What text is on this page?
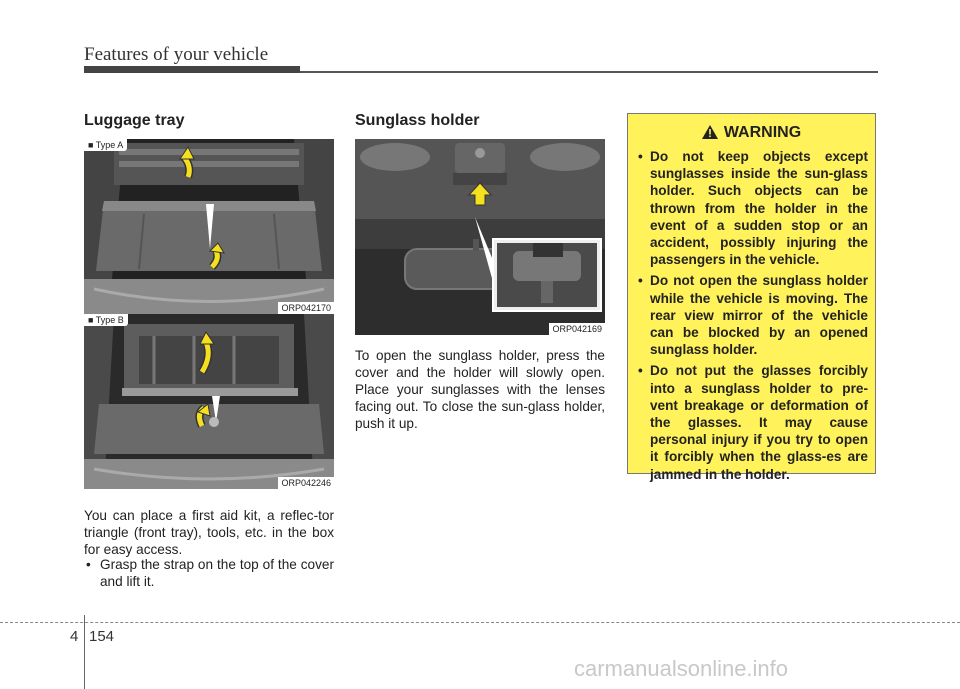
Features of your vehicle
Luggage tray
■ Type A
ORP042170
■ Type B
ORP042246
You can place a first aid kit, a reflec-tor triangle (front tray), tools, etc. in the box for easy access.
• Grasp the strap on the top of the cover and lift it.
Sunglass holder
ORP042169
To open the sunglass holder, press the cover and the holder will slowly open. Place your sunglasses with the lenses facing out. To close the sun-glass holder, push it up.
WARNING
• Do not keep objects except sunglasses inside the sun-glass holder. Such objects can be thrown from the holder in the event of a sudden stop or an accident, possibly injuring the passengers in the vehicle.
• Do not open the sunglass holder while the vehicle is moving. The rear view mirror of the vehicle can be blocked by an opened sunglass holder.
• Do not put the glasses forcibly into a sunglass holder to pre-vent breakage or deformation of the glasses. It may cause personal injury if you try to open it forcibly when the glass-es are jammed in the holder.
4 154
carmanualsonline.info
